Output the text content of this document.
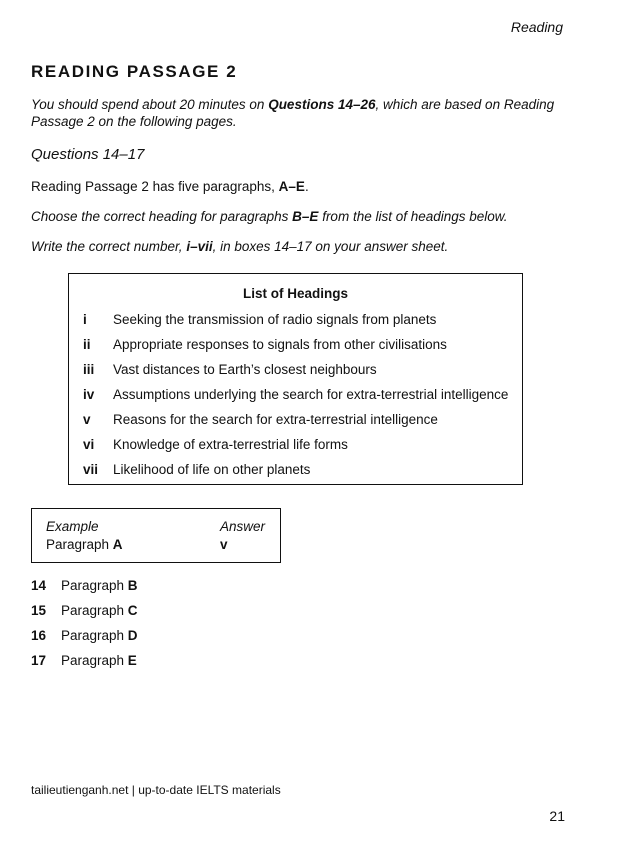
Reading
READING PASSAGE 2
You should spend about 20 minutes on Questions 14–26, which are based on Reading Passage 2 on the following pages.
Questions 14–17
Reading Passage 2 has five paragraphs, A–E.
Choose the correct heading for paragraphs B–E from the list of headings below.
Write the correct number, i–vii, in boxes 14–17 on your answer sheet.
List of Headings
i Seeking the transmission of radio signals from planets
ii Appropriate responses to signals from other civilisations
iii Vast distances to Earth’s closest neighbours
iv Assumptions underlying the search for extra-terrestrial intelligence
v Reasons for the search for extra-terrestrial intelligence
vi Knowledge of extra-terrestrial life forms
vii Likelihood of life on other planets
Example	Answer
Paragraph A	v
14 Paragraph B
15 Paragraph C
16 Paragraph D
17 Paragraph E
tailieutienganh.net | up-to-date IELTS materials
21
